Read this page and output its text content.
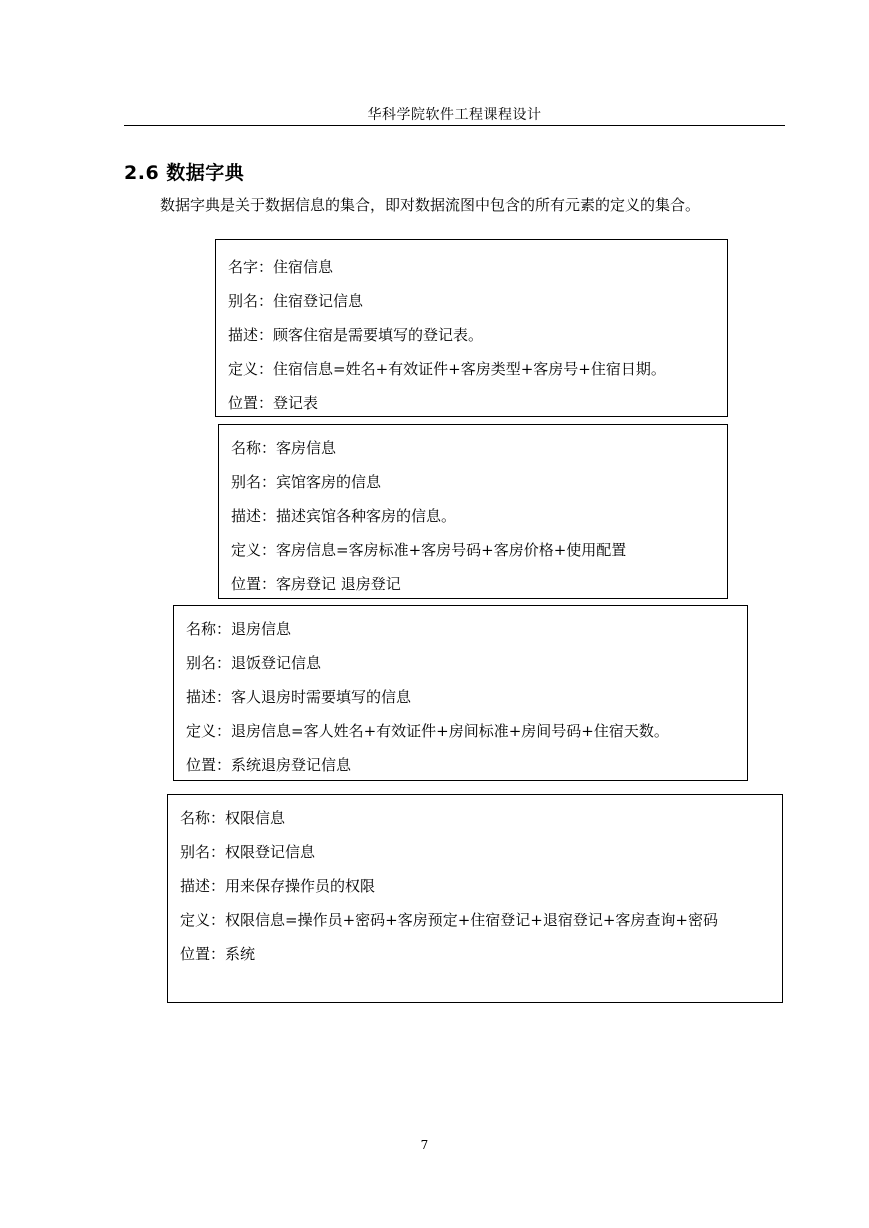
华科学院软件工程课程设计
2.6 数据字典
数据字典是关于数据信息的集合，即对数据流图中包含的所有元素的定义的集合。
名字：住宿信息
别名：住宿登记信息
描述：顾客住宿是需要填写的登记表。
定义：住宿信息=姓名+有效证件+客房类型+客房号+住宿日期。
位置：登记表
名称：客房信息
别名：宾馆客房的信息
描述：描述宾馆各种客房的信息。
定义：客房信息=客房标准+客房号码+客房价格+使用配置
位置：客房登记 退房登记
名称：退房信息
别名：退饭登记信息
描述：客人退房时需要填写的信息
定义：退房信息=客人姓名+有效证件+房间标准+房间号码+住宿天数。
位置：系统退房登记信息
名称：权限信息
别名：权限登记信息
描述：用来保存操作员的权限
定义：权限信息=操作员+密码+客房预定+住宿登记+退宿登记+客房查询+密码
位置：系统
7
